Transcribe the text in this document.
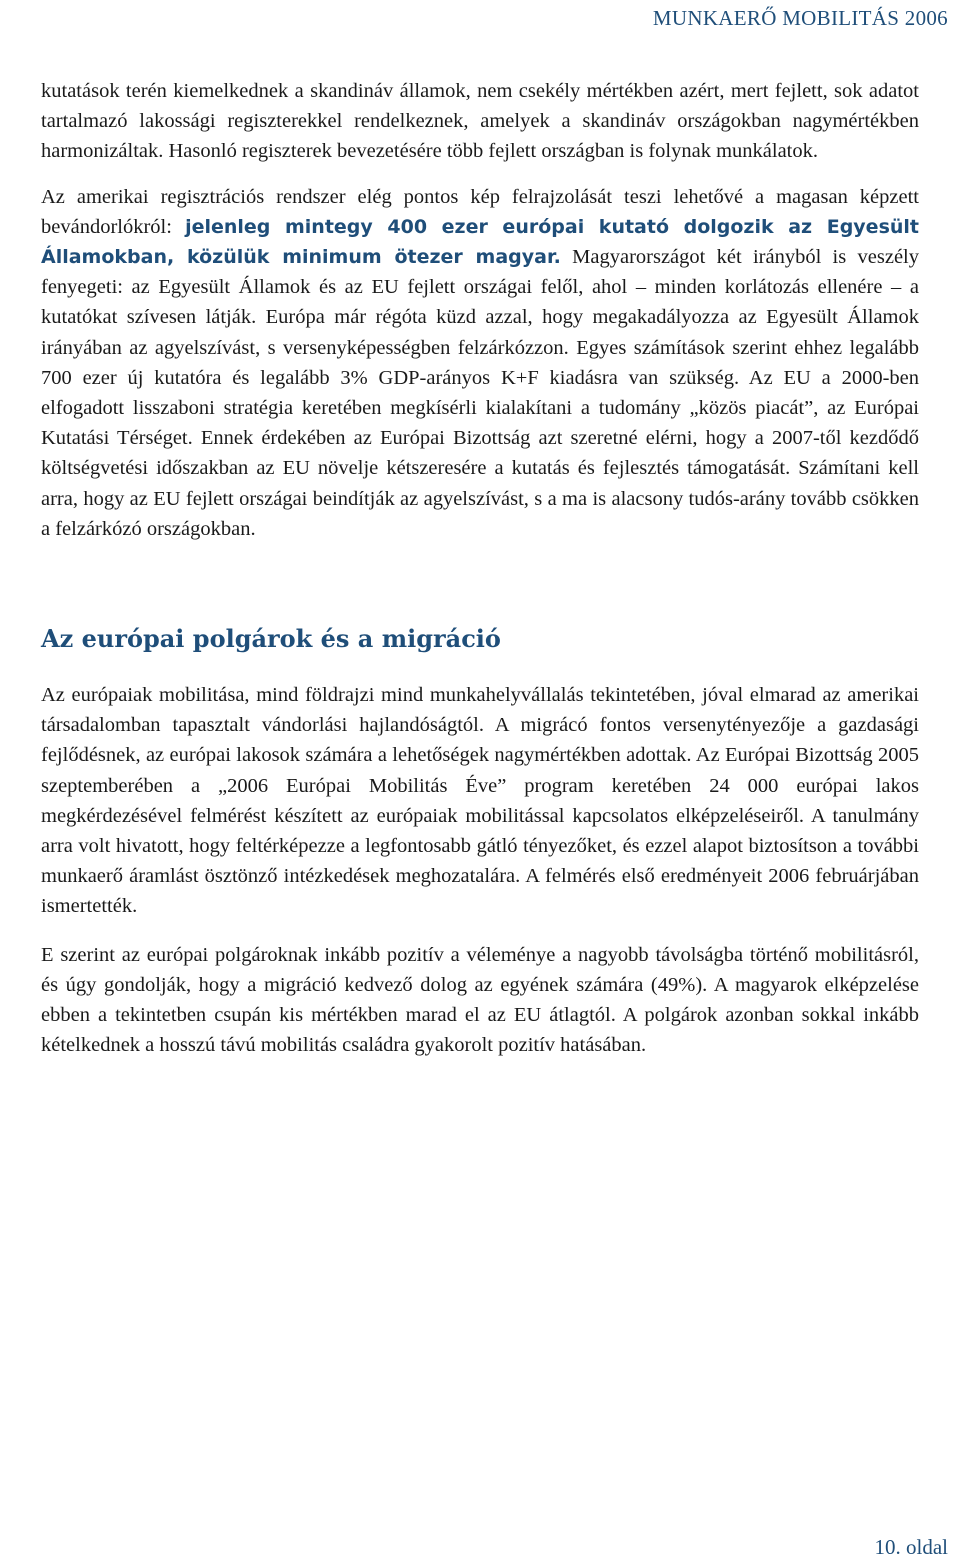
MUNKAERŐ MOBILITÁS 2006

kutatások terén kiemelkednek a skandináv államok, nem csekély mértékben azért, mert fejlett, sok adatot tartalmazó lakossági regiszterekkel rendelkeznek, amelyek a skandináv országokban nagymértékben harmonizáltak. Hasonló regiszterek bevezetésére több fejlett országban is folynak munkálatok.

Az amerikai regisztrációs rendszer elég pontos kép felrajzolását teszi lehetővé a magasan képzett bevándorlókról: jelenleg mintegy 400 ezer európai kutató dolgozik az Egyesült Államokban, közülük minimum ötezer magyar. Magyarországot két irányból is veszély fenyegeti: az Egyesült Államok és az EU fejlett országai felől, ahol – minden korlátozás ellenére – a kutatókat szívesen látják. Európa már régóta küzd azzal, hogy megakadályozza az Egyesült Államok irányában az agyelszívást, s versenyképességben felzárkózzon. Egyes számítások szerint ehhez legalább 700 ezer új kutatóra és legalább 3% GDP-arányos K+F kiadásra van szükség. Az EU a 2000-ben elfogadott lisszaboni stratégia keretében megkísérli kialakítani a tudomány „közös piacát”, az Európai Kutatási Térséget. Ennek érdekében az Európai Bizottság azt szeretné elérni, hogy a 2007-től kezdődő költségvetési időszakban az EU növelje kétszeresére a kutatás és fejlesztés támogatását. Számítani kell arra, hogy az EU fejlett országai beindítják az agyelszívást, s a ma is alacsony tudós-arány tovább csökken a felzárkózó országokban.

Az európai polgárok és a migráció

Az európaiak mobilitása, mind földrajzi mind munkahelyvállalás tekintetében, jóval elmarad az amerikai társadalomban tapasztalt vándorlási hajlandóságtól. A migrácó fontos versenytényezője a gazdasági fejlődésnek, az európai lakosok számára a lehetőségek nagymértékben adottak. Az Európai Bizottság 2005 szeptemberében a „2006 Európai Mobilitás Éve” program keretében 24 000 európai lakos megkérdezésével felmérést készített az európaiak mobilitással kapcsolatos elképzeléseiről. A tanulmány arra volt hivatott, hogy feltérképezze a legfontosabb gátló tényezőket, és ezzel alapot biztosítson a további munkaerő áramlást ösztönző intézkedések meghozatalára. A felmérés első eredményeit 2006 februárjában ismertették.

E szerint az európai polgároknak inkább pozitív a véleménye a nagyobb távolságba történő mobilitásról, és úgy gondolják, hogy a migráció kedvező dolog az egyének számára (49%). A magyarok elképzelése ebben a tekintetben csupán kis mértékben marad el az EU átlagtól. A polgárok azonban sokkal inkább kételkednek a hosszú távú mobilitás családra gyakorolt pozitív hatásában.

10. oldal
